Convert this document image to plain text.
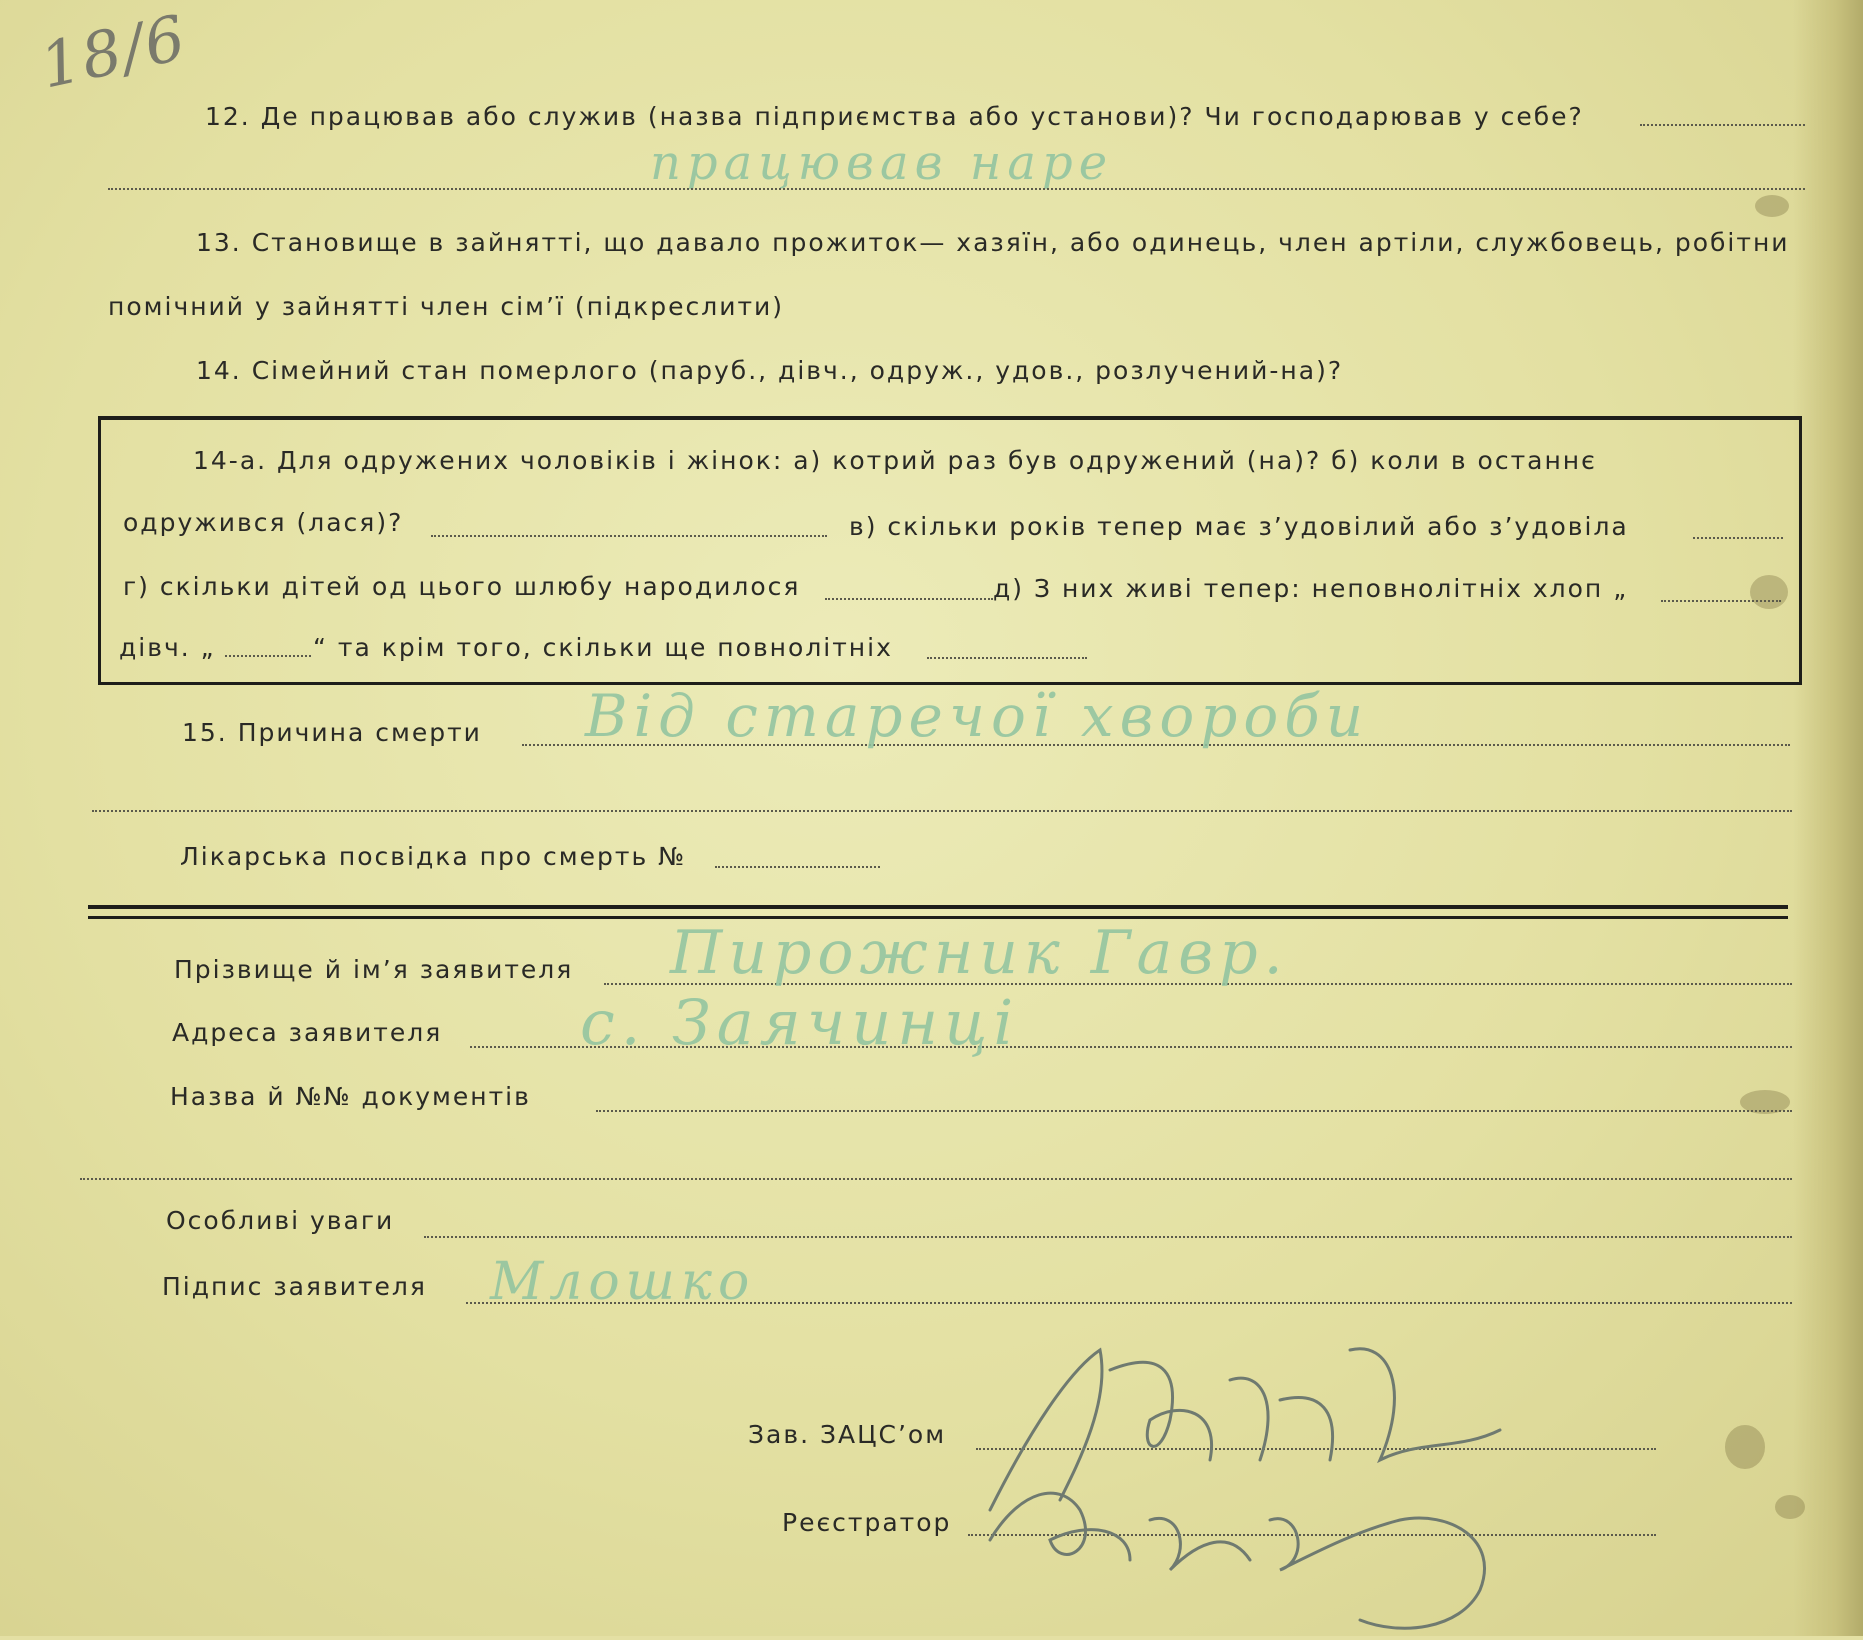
18/6
12. Де працював або служив (назва підприємства або установи)? Чи господарював у себе?
працював наре
13. Становище в зайнятті, що давало прожиток— хазяїн, або одинець, член артіли, службовець, робітни
помічний у зайнятті член сім’ї (підкреслити)
14. Сімейний стан померлого (паруб., дівч., одруж., удов., розлучений-на)?
14-а. Для одружених чоловіків і жінок: а) котрий раз був одружений (на)? б) коли в останнє
одружився (лася)?	в) скільки років тепер має з’удовілий або з’удовіла
г) скільки дітей од цього шлюбу народилося	д) З них живі тепер: неповнолітніх хлоп „
дівч. „	“ та крім того, скільки ще повнолітніх
15. Причина смерти Від старечої хвороби
Лікарська посвідка про смерть №
Прізвище й ім’я заявителя Пирожник Гавр.
Адреса заявителя с. Заячинці
Назва й №№ документів
Особливі уваги
Підпис заявителя Млошко
Зав. ЗАЦС’ом
Реєстратор
